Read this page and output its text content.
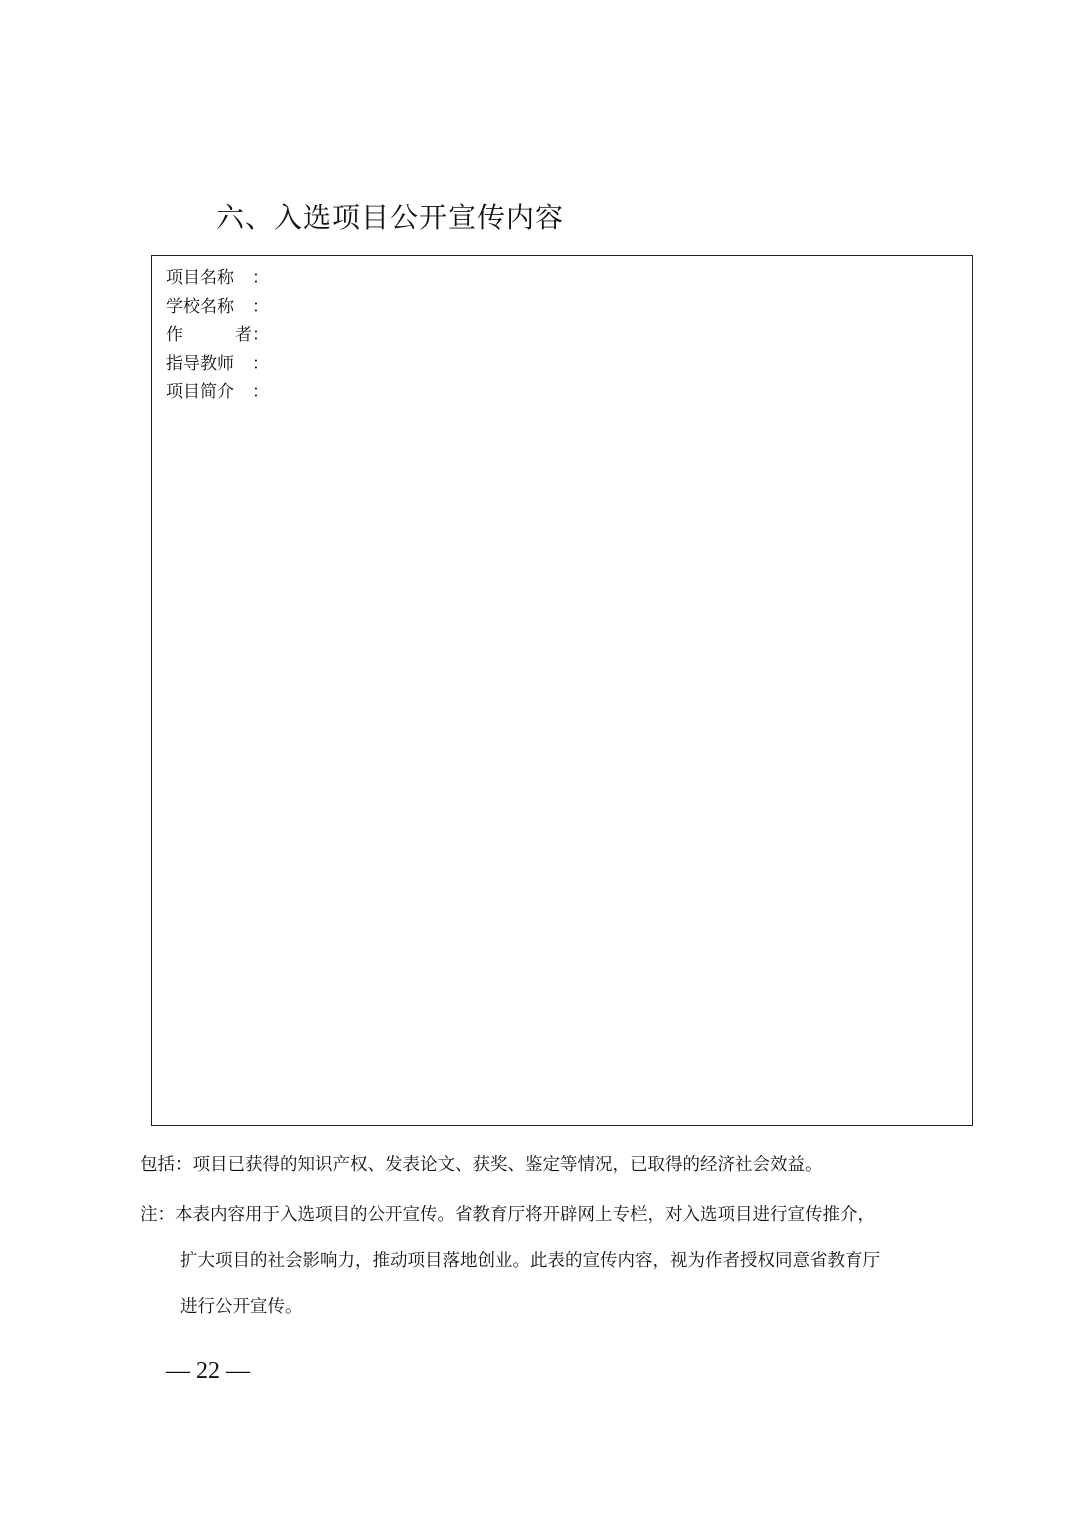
六、入选项目公开宣传内容
项目名称	：
学校名称	：
作	者 ：
指导教师	：
项目简介	：
包括：项目已获得的知识产权、发表论文、获奖、鉴定等情况，已取得的经济社会效益。
注：本表内容用于入选项目的公开宣传。省教育厅将开辟网上专栏，对入选项目进行宣传推介，
扩大项目的社会影响力，推动项目落地创业。此表的宣传内容，视为作者授权同意省教育厅
进行公开宣传。
— 22 —
